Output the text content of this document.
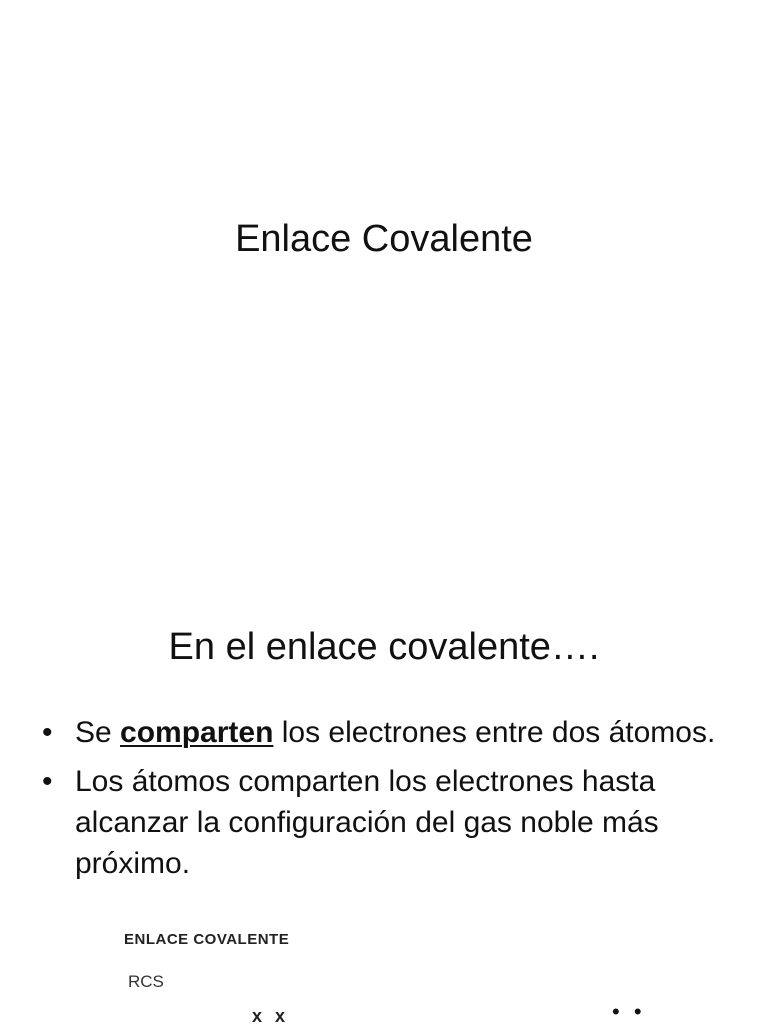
Enlace Covalente
En el enlace covalente….
• Se comparten los electrones entre dos átomos.
• Los átomos comparten los electrones hasta alcanzar la configuración del gas noble más próximo.

ENLACE COVALENTE

RCS

x x	• •
